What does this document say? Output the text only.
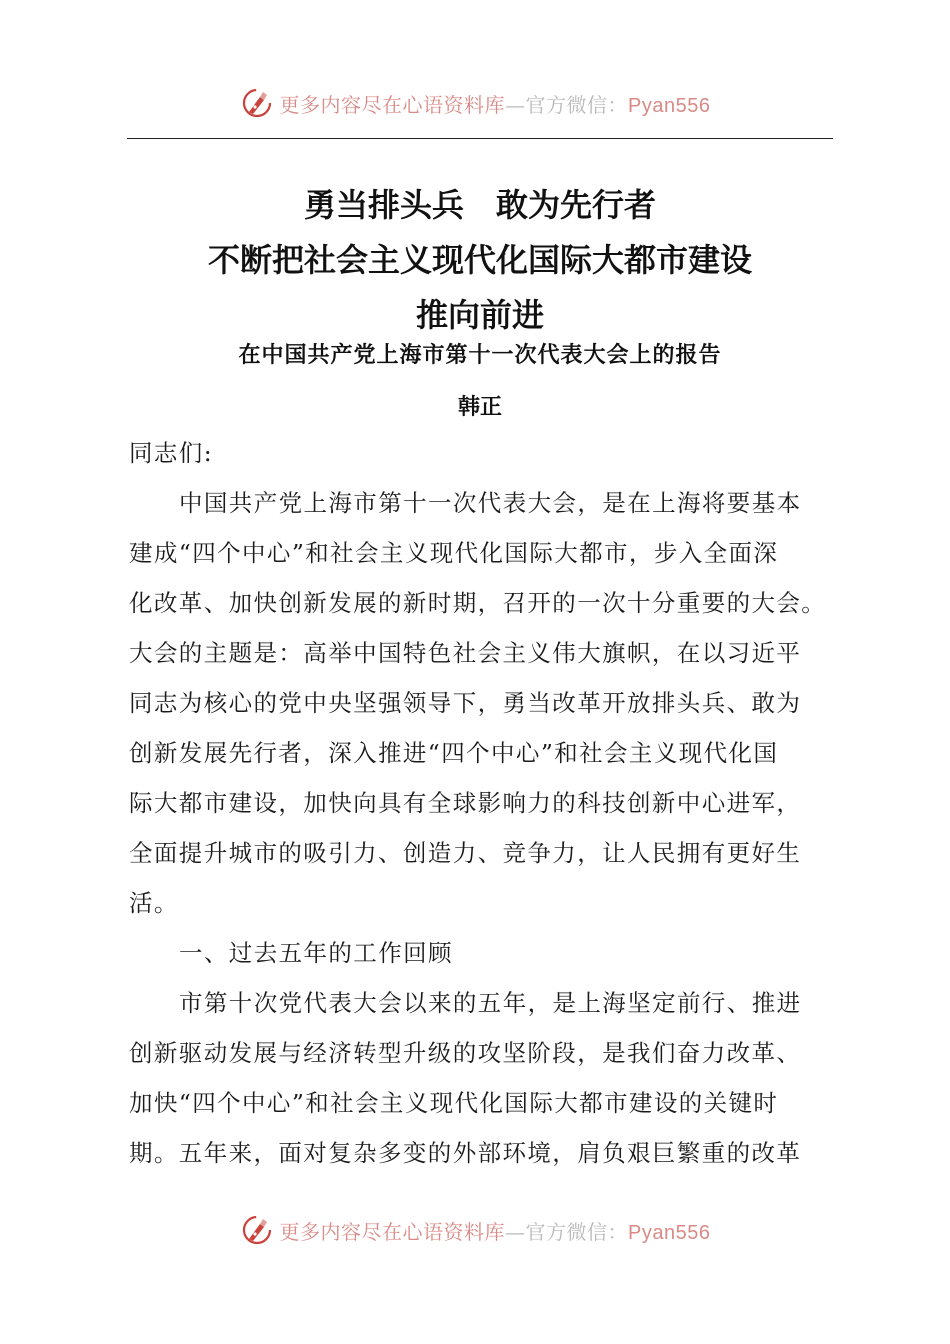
更多内容尽在心语资料库—官方微信：Pyan556
勇当排头兵　敢为先行者
不断把社会主义现代化国际大都市建设
推向前进
在中国共产党上海市第十一次代表大会上的报告
韩正
同志们:
中国共产党上海市第十一次代表大会，是在上海将要基本
建成“四个中心”和社会主义现代化国际大都市，步入全面深
化改革、加快创新发展的新时期，召开的一次十分重要的大会。
大会的主题是：高举中国特色社会主义伟大旗帜，在以习近平
同志为核心的党中央坚强领导下，勇当改革开放排头兵、敢为
创新发展先行者，深入推进“四个中心”和社会主义现代化国
际大都市建设，加快向具有全球影响力的科技创新中心进军，
全面提升城市的吸引力、创造力、竞争力，让人民拥有更好生
活。
一、过去五年的工作回顾
市第十次党代表大会以来的五年，是上海坚定前行、推进
创新驱动发展与经济转型升级的攻坚阶段，是我们奋力改革、
加快“四个中心”和社会主义现代化国际大都市建设的关键时
期。五年来，面对复杂多变的外部环境，肩负艰巨繁重的改革
更多内容尽在心语资料库—官方微信：Pyan556
